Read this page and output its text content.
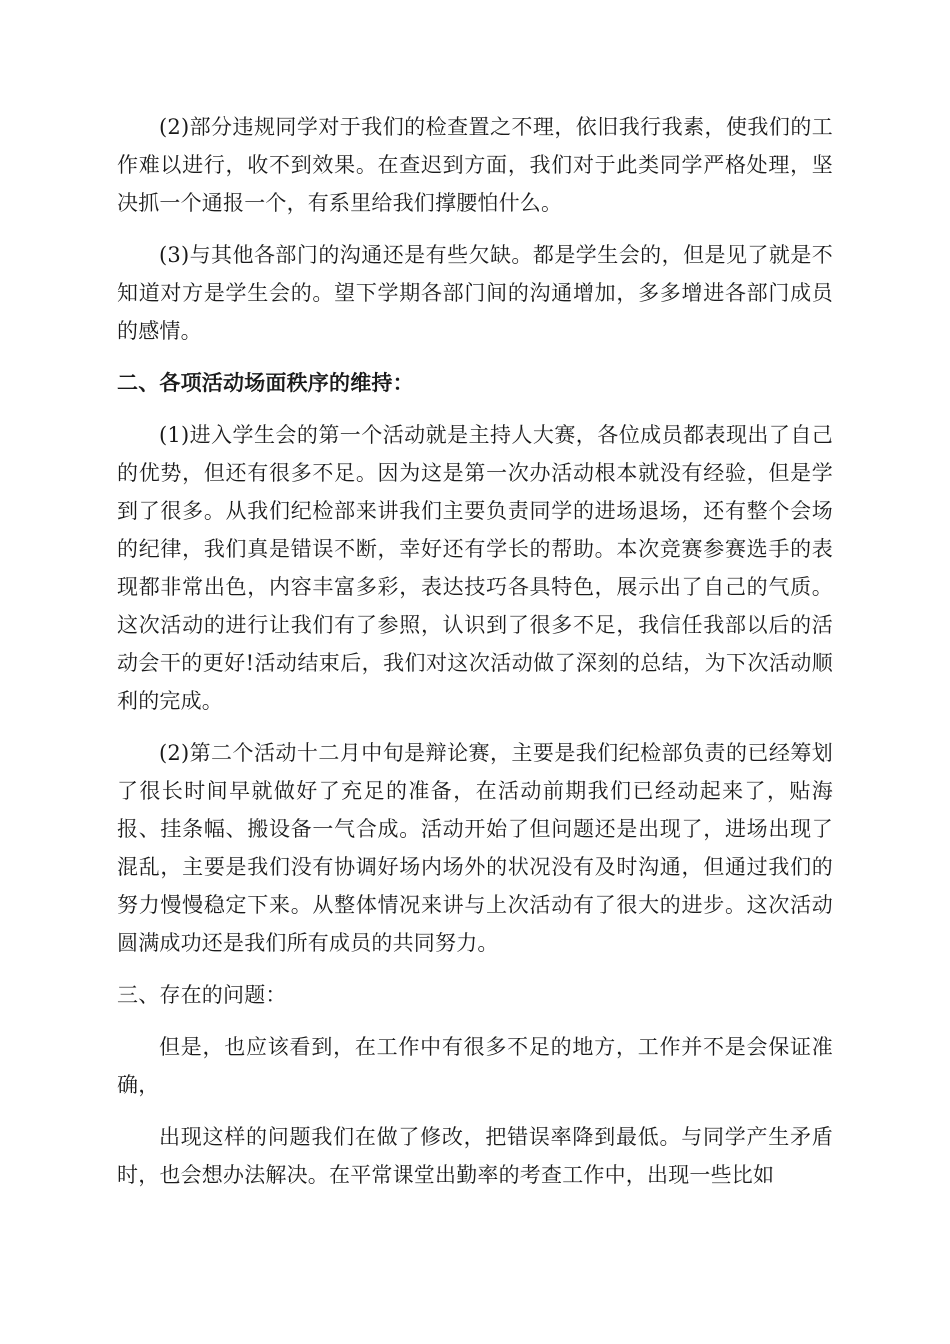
(2)部分违规同学对于我们的检查置之不理，依旧我行我素，使我们的工作难以进行，收不到效果。在查迟到方面，我们对于此类同学严格处理，坚决抓一个通报一个，有系里给我们撑腰怕什么。

(3)与其他各部门的沟通还是有些欠缺。都是学生会的，但是见了就是不知道对方是学生会的。望下学期各部门间的沟通增加，多多增进各部门成员的感情。

二、各项活动场面秩序的维持：

(1)进入学生会的第一个活动就是主持人大赛，各位成员都表现出了自己的优势，但还有很多不足。因为这是第一次办活动根本就没有经验，但是学到了很多。从我们纪检部来讲我们主要负责同学的进场退场，还有整个会场的纪律，我们真是错误不断，幸好还有学长的帮助。本次竞赛参赛选手的表现都非常出色，内容丰富多彩，表达技巧各具特色，展示出了自己的气质。这次活动的进行让我们有了参照，认识到了很多不足，我信任我部以后的活动会干的更好!活动结束后，我们对这次活动做了深刻的总结，为下次活动顺利的完成。

(2)第二个活动十二月中旬是辩论赛，主要是我们纪检部负责的已经筹划了很长时间早就做好了充足的准备，在活动前期我们已经动起来了，贴海报、挂条幅、搬设备一气合成。活动开始了但问题还是出现了，进场出现了混乱，主要是我们没有协调好场内场外的状况没有及时沟通，但通过我们的努力慢慢稳定下来。从整体情况来讲与上次活动有了很大的进步。这次活动圆满成功还是我们所有成员的共同努力。

三、存在的问题：

但是，也应该看到，在工作中有很多不足的地方，工作并不是会保证准确，

出现这样的问题我们在做了修改，把错误率降到最低。与同学产生矛盾时，也会想办法解决。在平常课堂出勤率的考查工作中，出现一些比如
